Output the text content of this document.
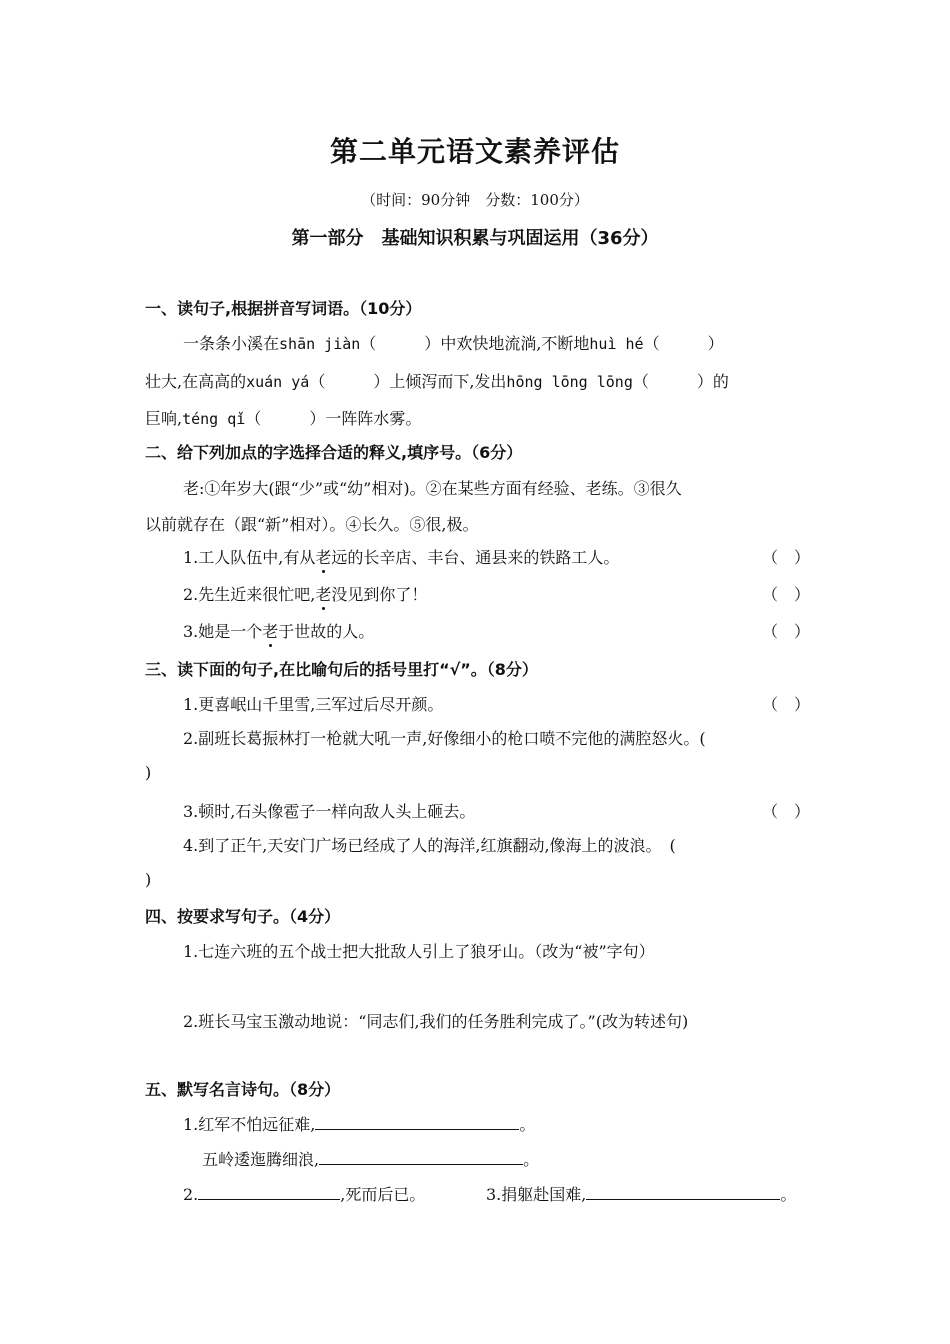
第二单元语文素养评估
（时间：90分钟　分数：100分）
第一部分　基础知识积累与巩固运用（36分）
一、读句子,根据拼音写词语。（10分）
一条条小溪在shān jiàn（　　　）中欢快地流淌,不断地huì hé（　　　）
壮大,在高高的xuán yá（　　　）上倾泻而下,发出hōng lōng lōng（　　　）的
巨响,téng qǐ（　　　）一阵阵水雾。
二、给下列加点的字选择合适的释义,填序号。（6分）
老:①年岁大(跟“少”或“幼”相对)。②在某些方面有经验、老练。③很久
以前就存在（跟“新”相对）。④长久。⑤很,极。
1.工人队伍中,有从老远的长辛店、丰台、通县来的铁路工人。	（　）
2.先生近来很忙吧,老没见到你了！	（　）
3.她是一个老于世故的人。	（　）
三、读下面的句子,在比喻句后的括号里打“√”。（8分）
1.更喜岷山千里雪,三军过后尽开颜。	（　）
2.副班长葛振林打一枪就大吼一声,好像细小的枪口喷不完他的满腔怒火。(
)
3.顿时,石头像雹子一样向敌人头上砸去。	（　）
4.到了正午,天安门广场已经成了人的海洋,红旗翻动,像海上的波浪。　(
)
四、按要求写句子。（4分）
1.七连六班的五个战士把大批敌人引上了狼牙山。（改为“被”字句）
2.班长马宝玉激动地说：“同志们,我们的任务胜利完成了。”(改为转述句)
五、默写名言诗句。（8分）
1.红军不怕远征难,	。
五岭逶迤腾细浪,	。
2.	,死而后已。	3.捐躯赴国难,	。
